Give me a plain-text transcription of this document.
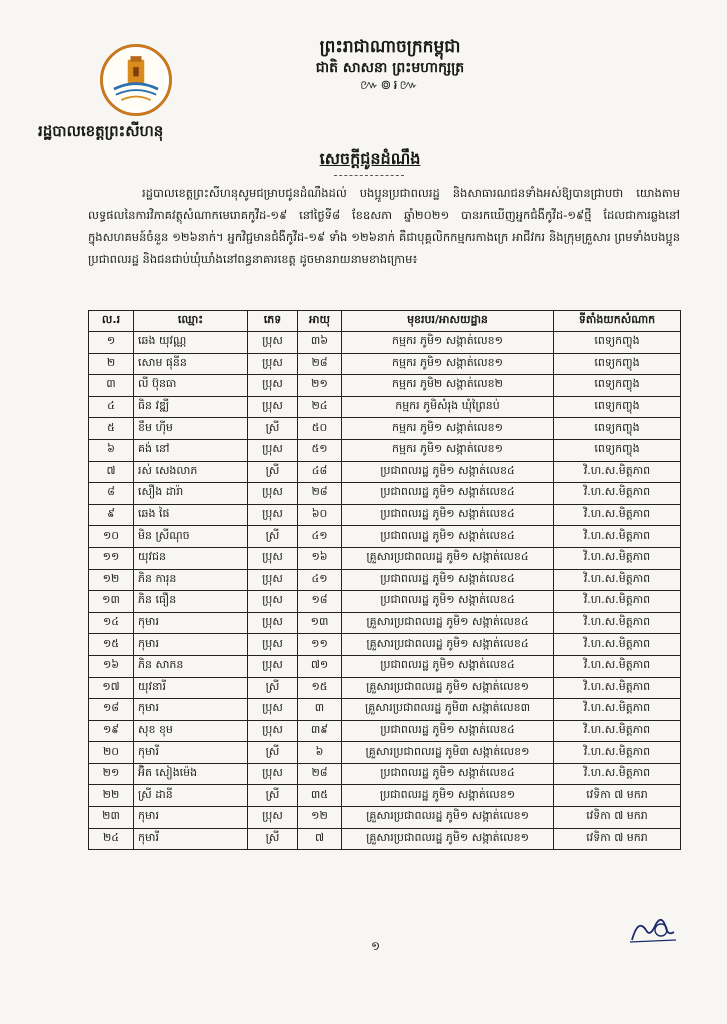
រដ្ឋបាលខេត្តព្រះសីហនុ
ព្រះរាជាណាចក្រកម្ពុជា
ជាតិ សាសនា ព្រះមហាក្សត្រ
៚៙៛៚
សេចក្តីជូនដំណឹង
រដ្ឋបាលខេត្តព្រះសីហនុសូមជម្រាបជូនដំណឹងដល់ បងប្អូនប្រជាពលរដ្ឋ និងសាធារណជនទាំងអស់ឱ្យបានជ្រាបថា យោងតាមលទ្ធផលនៃការវិភាគវត្ថុសំណាកមេរោគកូវីដ-១៩ នៅថ្ងៃទី៨ ខែឧសភា ឆ្នាំ២០២១ បានរកឃើញអ្នកជំងឺកូវីដ-១៩ថ្មី ដែលជាការឆ្លងនៅក្នុងសហគមន៍ចំនួន ១២៦នាក់។ អ្នកវិជ្ជមានជំងឺកូវីដ-១៩ ទាំង ១២៦នាក់ គឺជាបុគ្គលិកកម្មករកាងក្រេ អាជីវករ និងក្រុមគ្រួសារ ព្រមទាំងបងប្អូនប្រជាពលរដ្ឋ និងជនជាប់ឃុំឃាំងនៅពន្ធនាគារខេត្ត ដូចមានរាយនាមខាងក្រោម៖
ល.រ	ឈ្មោះ	ភេទ	អាយុ	មុខរបរ/អាសយដ្ឋាន	ទីតាំងយកសំណាក
១	ឆេង យុវណ្ណ	ប្រុស	៣៦	កម្មករ ភូមិ១ សង្កាត់លេខ១	ពេទ្យកញ្ចុង
២	សោម ផុនីន	ប្រុស	២៨	កម្មករ ភូមិ១ សង្កាត់លេខ១	ពេទ្យកញ្ចុង
៣	លី ប៊ុនធា	ប្រុស	២១	កម្មករ ភូមិ២ សង្កាត់លេខ២	ពេទ្យកញ្ចុង
៤	ធិន វឌ្ឍី	ប្រុស	២៤	កម្មករ ភូមិសំរុង ឃុំព្រៃនប់	ពេទ្យកញ្ចុង
៥	ខឹម ហ៊ីម	ស្រី	៥០	កម្មករ ភូមិ១ សង្កាត់លេខ១	ពេទ្យកញ្ចុង
៦	គង់ នៅ	ប្រុស	៥១	កម្មករ ភូមិ១ សង្កាត់លេខ១	ពេទ្យកញ្ចុង
៧	រស់ សេងលាភ	ស្រី	៤៨	ប្រជាពលរដ្ឋ ភូមិ១ សង្កាត់លេខ៤	វិ.ហ.ស.មិត្តភាព
៨	សឿង ដារ៉ា	ប្រុស	២៨	ប្រជាពលរដ្ឋ ភូមិ១ សង្កាត់លេខ៤	វិ.ហ.ស.មិត្តភាព
៩	ឆេង ផៃ	ប្រុស	៦០	ប្រជាពលរដ្ឋ ភូមិ១ សង្កាត់លេខ៤	វិ.ហ.ស.មិត្តភាព
១០	មិន ស្រីណុច	ស្រី	៤១	ប្រជាពលរដ្ឋ ភូមិ១ សង្កាត់លេខ៤	វិ.ហ.ស.មិត្តភាព
១១	យុវជន	ប្រុស	១៦	គ្រួសារប្រជាពលរដ្ឋ ភូមិ១ សង្កាត់លេខ៤	វិ.ហ.ស.មិត្តភាព
១២	ភិន ការុន	ប្រុស	៤១	ប្រជាពលរដ្ឋ ភូមិ១ សង្កាត់លេខ៤	វិ.ហ.ស.មិត្តភាព
១៣	ភិន ធឿន	ប្រុស	១៨	ប្រជាពលរដ្ឋ ភូមិ១ សង្កាត់លេខ៤	វិ.ហ.ស.មិត្តភាព
១៤	កុមារ	ប្រុស	១៣	គ្រួសារប្រជាពលរដ្ឋ ភូមិ១ សង្កាត់លេខ៤	វិ.ហ.ស.មិត្តភាព
១៥	កុមារ	ប្រុស	១១	គ្រួសារប្រជាពលរដ្ឋ ភូមិ១ សង្កាត់លេខ៤	វិ.ហ.ស.មិត្តភាព
១៦	ភិន សាភន	ប្រុស	៧១	ប្រជាពលរដ្ឋ ភូមិ១ សង្កាត់លេខ៤	វិ.ហ.ស.មិត្តភាព
១៧	យុវនារី	ស្រី	១៥	គ្រួសារប្រជាពលរដ្ឋ ភូមិ១ សង្កាត់លេខ១	វិ.ហ.ស.មិត្តភាព
១៨	កុមារ	ប្រុស	៣	គ្រួសារប្រជាពលរដ្ឋ ភូមិ៣ សង្កាត់លេខ៣	វិ.ហ.ស.មិត្តភាព
១៩	សុខ ខុម	ប្រុស	៣៩	ប្រជាពលរដ្ឋ ភូមិ១ សង្កាត់លេខ៤	វិ.ហ.ស.មិត្តភាព
២០	កុមារី	ស្រី	៦	គ្រួសារប្រជាពលរដ្ឋ ភូមិ៣ សង្កាត់លេខ១	វិ.ហ.ស.មិត្តភាព
២១	អ៊ិត សៀងម៉េង	ប្រុស	២៨	ប្រជាពលរដ្ឋ ភូមិ១ សង្កាត់លេខ៤	វិ.ហ.ស.មិត្តភាព
២២	ស្រី ដានី	ស្រី	៣៥	ប្រជាពលរដ្ឋ ភូមិ១ សង្កាត់លេខ១	វេទិកា ៧ មករា
២៣	កុមារ	ប្រុស	១២	គ្រួសារប្រជាពលរដ្ឋ ភូមិ១ សង្កាត់លេខ១	វេទិកា ៧ មករា
២៤	កុមារី	ស្រី	៧	គ្រួសារប្រជាពលរដ្ឋ ភូមិ១ សង្កាត់លេខ១	វេទិកា ៧ មករា
១
